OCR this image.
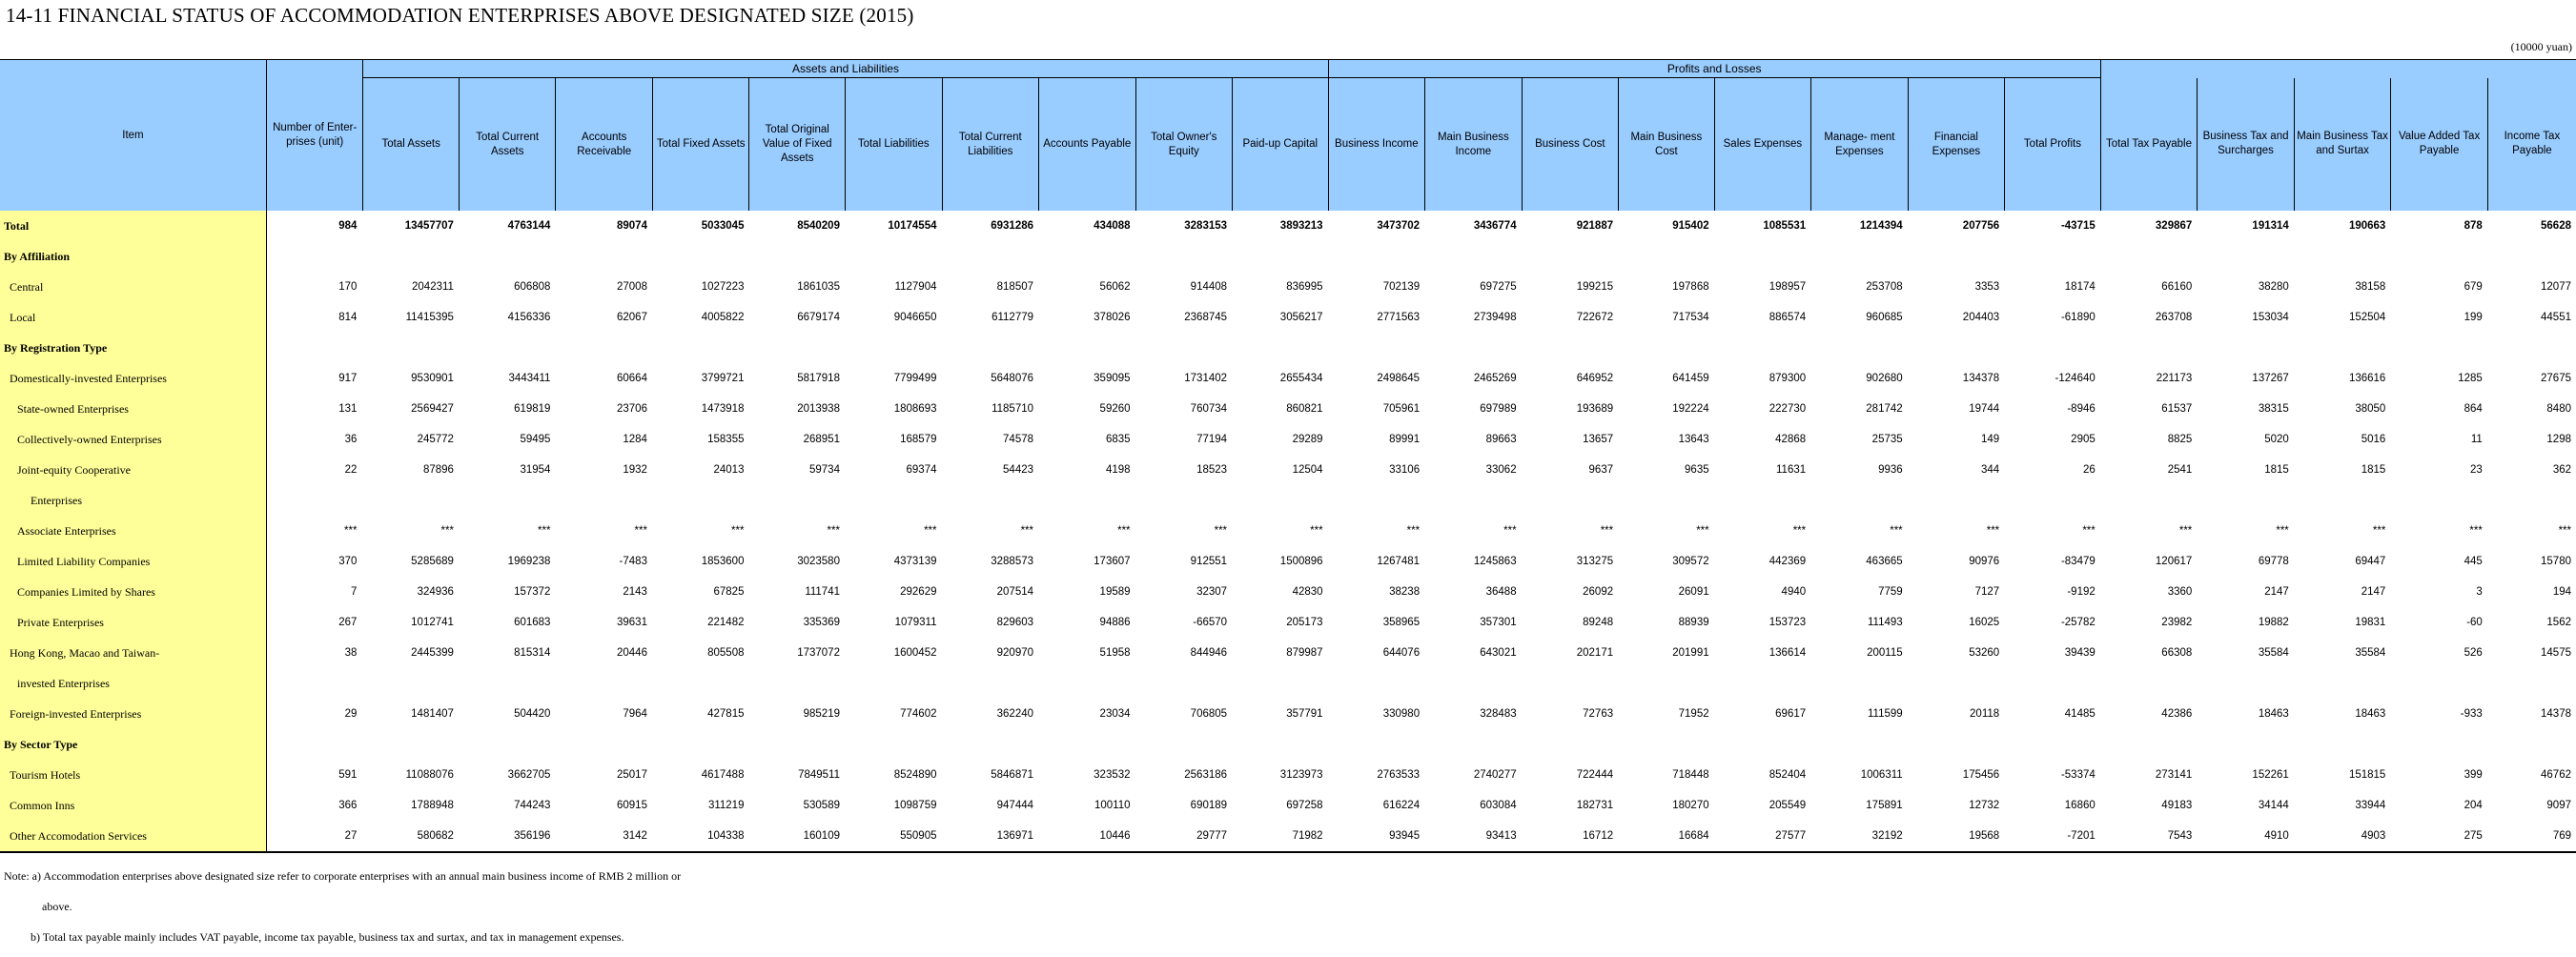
14-11 FINANCIAL STATUS OF ACCOMMODATION ENTERPRISES ABOVE DESIGNATED SIZE (2015)
(10000 yuan)
Item	Number of Enter- prises (unit)	Assets and Liabilities										Profits and Losses												
		Total Assets	Total Current Assets	Accounts Receivable	Total Fixed Assets	Total Original Value of Fixed Assets	Total Liabilities	Total Current Liabilities	Accounts Payable	Total Owner's Equity	Paid-up Capital	Business Income	Main Business Income	Business Cost	Main Business Cost	Sales Expenses	Manage- ment Expenses	Financial Expenses	Total Profits	Total Tax Payable	Business Tax and Surcharges	Main Business Tax and Surtax	Value Added Tax Payable	Income Tax Payable
Total	984	13457707	4763144	89074	5033045	8540209	10174554	6931286	434088	3283153	3893213	3473702	3436774	921887	915402	1085531	1214394	207756	-43715	329867	191314	190663	878	56628
By Affiliation																								
Central	170	2042311	606808	27008	1027223	1861035	1127904	818507	56062	914408	836995	702139	697275	199215	197868	198957	253708	3353	18174	66160	38280	38158	679	12077
Local	814	11415395	4156336	62067	4005822	6679174	9046650	6112779	378026	2368745	3056217	2771563	2739498	722672	717534	886574	960685	204403	-61890	263708	153034	152504	199	44551
By Registration Type																								
Domestically-invested Enterprises	917	9530901	3443411	60664	3799721	5817918	7799499	5648076	359095	1731402	2655434	2498645	2465269	646952	641459	879300	902680	134378	-124640	221173	137267	136616	1285	27675
State-owned Enterprises	131	2569427	619819	23706	1473918	2013938	1808693	1185710	59260	760734	860821	705961	697989	193689	192224	222730	281742	19744	-8946	61537	38315	38050	864	8480
Collectively-owned Enterprises	36	245772	59495	1284	158355	268951	168579	74578	6835	77194	29289	89991	89663	13657	13643	42868	25735	149	2905	8825	5020	5016	11	1298
Joint-equity Cooperative	22	87896	31954	1932	24013	59734	69374	54423	4198	18523	12504	33106	33062	9637	9635	11631	9936	344	26	2541	1815	1815	23	362
Enterprises																								
Associate Enterprises	***	***	***	***	***	***	***	***	***	***	***	***	***	***	***	***	***	***	***	***	***	***	***	***
Limited Liability Companies	370	5285689	1969238	-7483	1853600	3023580	4373139	3288573	173607	912551	1500896	1267481	1245863	313275	309572	442369	463665	90976	-83479	120617	69778	69447	445	15780
Companies Limited by Shares	7	324936	157372	2143	67825	111741	292629	207514	19589	32307	42830	38238	36488	26092	26091	4940	7759	7127	-9192	3360	2147	2147	3	194
Private Enterprises	267	1012741	601683	39631	221482	335369	1079311	829603	94886	-66570	205173	358965	357301	89248	88939	153723	111493	16025	-25782	23982	19882	19831	-60	1562
Hong Kong, Macao and Taiwan-	38	2445399	815314	20446	805508	1737072	1600452	920970	51958	844946	879987	644076	643021	202171	201991	136614	200115	53260	39439	66308	35584	35584	526	14575
invested Enterprises																								
Foreign-invested Enterprises	29	1481407	504420	7964	427815	985219	774602	362240	23034	706805	357791	330980	328483	72763	71952	69617	111599	20118	41485	42386	18463	18463	-933	14378
By Sector Type																								
Tourism Hotels	591	11088076	3662705	25017	4617488	7849511	8524890	5846871	323532	2563186	3123973	2763533	2740277	722444	718448	852404	1006311	175456	-53374	273141	152261	151815	399	46762
Common Inns	366	1788948	744243	60915	311219	530589	1098759	947444	100110	690189	697258	616224	603084	182731	180270	205549	175891	12732	16860	49183	34144	33944	204	9097
Other Accomodation Services	27	580682	356196	3142	104338	160109	550905	136971	10446	29777	71982	93945	93413	16712	16684	27577	32192	19568	-7201	7543	4910	4903	275	769
Note: a) Accommodation enterprises above designated size refer to corporate enterprises with an annual main business income of RMB 2 million or
above.
b) Total tax payable mainly includes VAT payable, income tax payable, business tax and surtax, and tax in management expenses.
